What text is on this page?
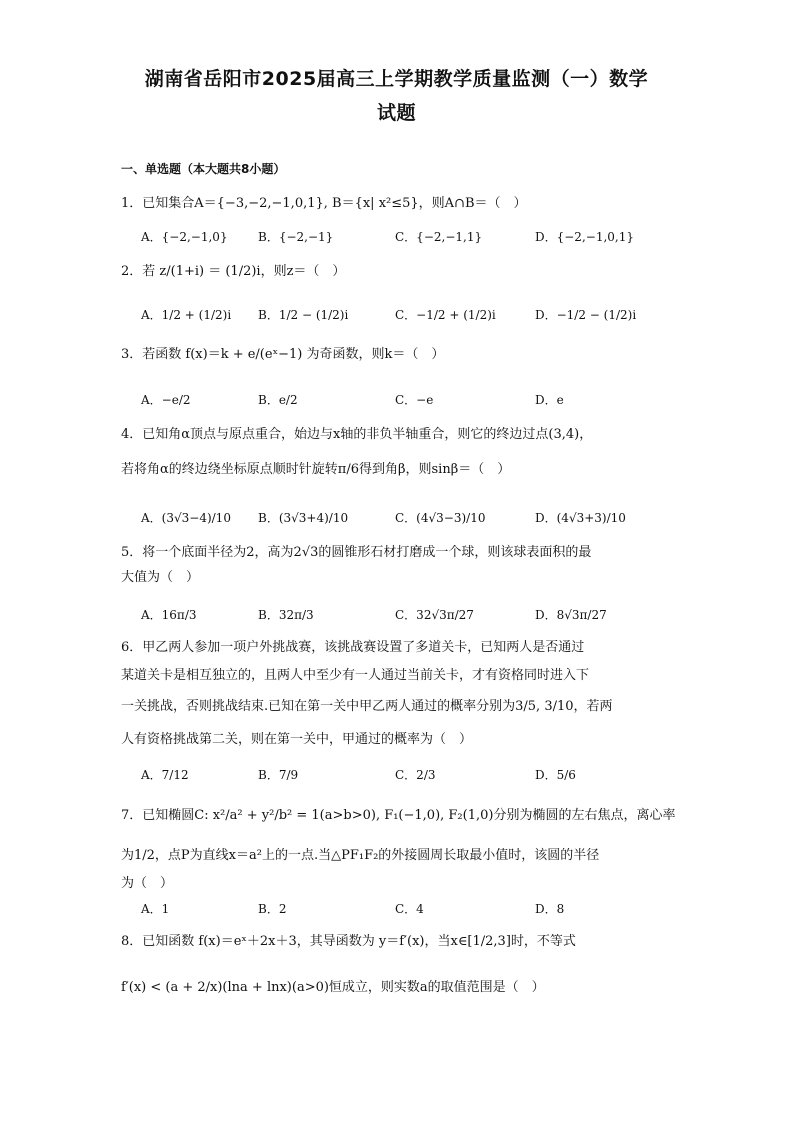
湖南省岳阳市2025届高三上学期教学质量监测（一）数学
试题
一、单选题（本大题共8小题）
1．已知集合A＝{−3,−2,−1,0,1}, B＝{x| x²≤5}，则A∩B＝（　）
A．{−2,−1,0}	B．{−2,−1}	C．{−2,−1,1}	D．{−2,−1,0,1}
2．若 z/(1+i) ＝ (1/2)i，则z＝（　）
A．1/2 + (1/2)i B．1/2 − (1/2)i	C．−1/2 + (1/2)i	D．−1/2 − (1/2)i
3．若函数 f(x)＝k + e/(eˣ−1) 为奇函数，则k＝（　）
A．−e/2	B．e/2	C．−e	D．e
4．已知角α顶点与原点重合，始边与x轴的非负半轴重合，则它的终边过点(3,4)，
若将角α的终边绕坐标原点顺时针旋转π/6得到角β，则sinβ＝（　）
A．(3√3−4)/10 B．(3√3+4)/10	C．(4√3−3)/10	D．(4√3+3)/10
5．将一个底面半径为2，高为2√3的圆锥形石材打磨成一个球，则该球表面积的最
大值为（　）
A．16π/3	B．32π/3	C．32√3π/27	D．8√3π/27
6．甲乙两人参加一项户外挑战赛，该挑战赛设置了多道关卡，已知两人是否通过
某道关卡是相互独立的，且两人中至少有一人通过当前关卡，才有资格同时进入下
一关挑战，否则挑战结束.已知在第一关中甲乙两人通过的概率分别为3/5, 3/10，若两
人有资格挑战第二关，则在第一关中，甲通过的概率为（　）
A．7/12	B．7/9	C．2/3	D．5/6
7．已知椭圆C: x²/a² + y²/b² = 1(a>b>0), F₁(−1,0), F₂(1,0)分别为椭圆的左右焦点，离心率
为1/2，点P为直线x＝a²上的一点.当△PF₁F₂的外接圆周长取最小值时，该圆的半径
为（　）
A．1	B．2	C．4	D．8
8．已知函数 f(x)＝eˣ＋2x＋3，其导函数为 y＝f′(x)，当x∈[1/2,3]时，不等式
f′(x) < (a + 2/x)(lna + lnx)(a>0)恒成立，则实数a的取值范围是（　）
